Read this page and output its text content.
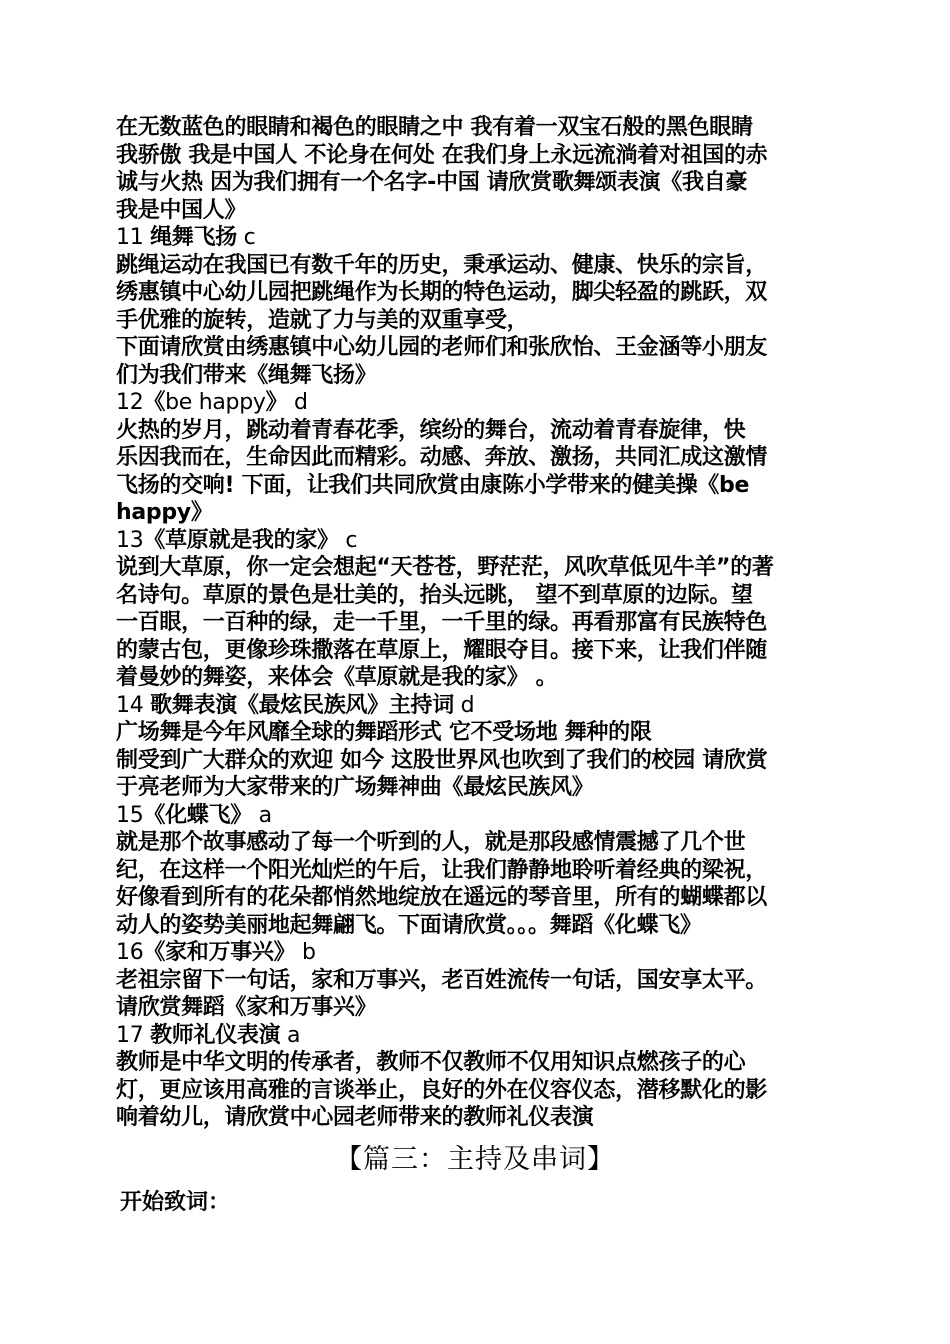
在无数蓝色的眼睛和褐色的眼睛之中 我有着一双宝石般的黑色眼睛
我骄傲 我是中国人 不论身在何处 在我们身上永远流淌着对祖国的赤
诚与火热 因为我们拥有一个名字-中国 请欣赏歌舞颂表演《我自豪
我是中国人》
11 绳舞飞扬 c
跳绳运动在我国已有数千年的历史，秉承运动、健康、快乐的宗旨，
绣惠镇中心幼儿园把跳绳作为长期的特色运动，脚尖轻盈的跳跃，双
手优雅的旋转，造就了力与美的双重享受，
下面请欣赏由绣惠镇中心幼儿园的老师们和张欣怡、王金涵等小朋友
们为我们带来《绳舞飞扬》
12《be happy》 d
火热的岁月，跳动着青春花季，缤纷的舞台，流动着青春旋律，快
乐因我而在，生命因此而精彩。动感、奔放、激扬，共同汇成这激情
飞扬的交响! 下面，让我们共同欣赏由康陈小学带来的健美操《be
happy》
13《草原就是我的家》 c
说到大草原，你一定会想起“天苍苍，野茫茫，风吹草低见牛羊”的著
名诗句。草原的景色是壮美的，抬头远眺， 望不到草原的边际。望
一百眼，一百种的绿，走一千里，一千里的绿。再看那富有民族特色
的蒙古包，更像珍珠撒落在草原上，耀眼夺目。接下来，让我们伴随
着曼妙的舞姿，来体会《草原就是我的家》 。
14 歌舞表演《最炫民族风》主持词 d
广场舞是今年风靡全球的舞蹈形式 它不受场地 舞种的限
制受到广大群众的欢迎 如今 这股世界风也吹到了我们的校园 请欣赏
于亮老师为大家带来的广场舞神曲《最炫民族风》
15《化蝶飞》 a
就是那个故事感动了每一个听到的人，就是那段感情震撼了几个世
纪，在这样一个阳光灿烂的午后，让我们静静地聆听着经典的梁祝，
好像看到所有的花朵都悄然地绽放在遥远的琴音里，所有的蝴蝶都以
动人的姿势美丽地起舞翩飞。下面请欣赏。。。舞蹈《化蝶飞》
16《家和万事兴》 b
老祖宗留下一句话，家和万事兴，老百姓流传一句话，国安享太平。
请欣赏舞蹈《家和万事兴》
17 教师礼仪表演 a
教师是中华文明的传承者，教师不仅教师不仅用知识点燃孩子的心
灯，更应该用高雅的言谈举止，良好的外在仪容仪态，潜移默化的影
响着幼儿，请欣赏中心园老师带来的教师礼仪表演
【篇三：主持及串词】
开始致词：
